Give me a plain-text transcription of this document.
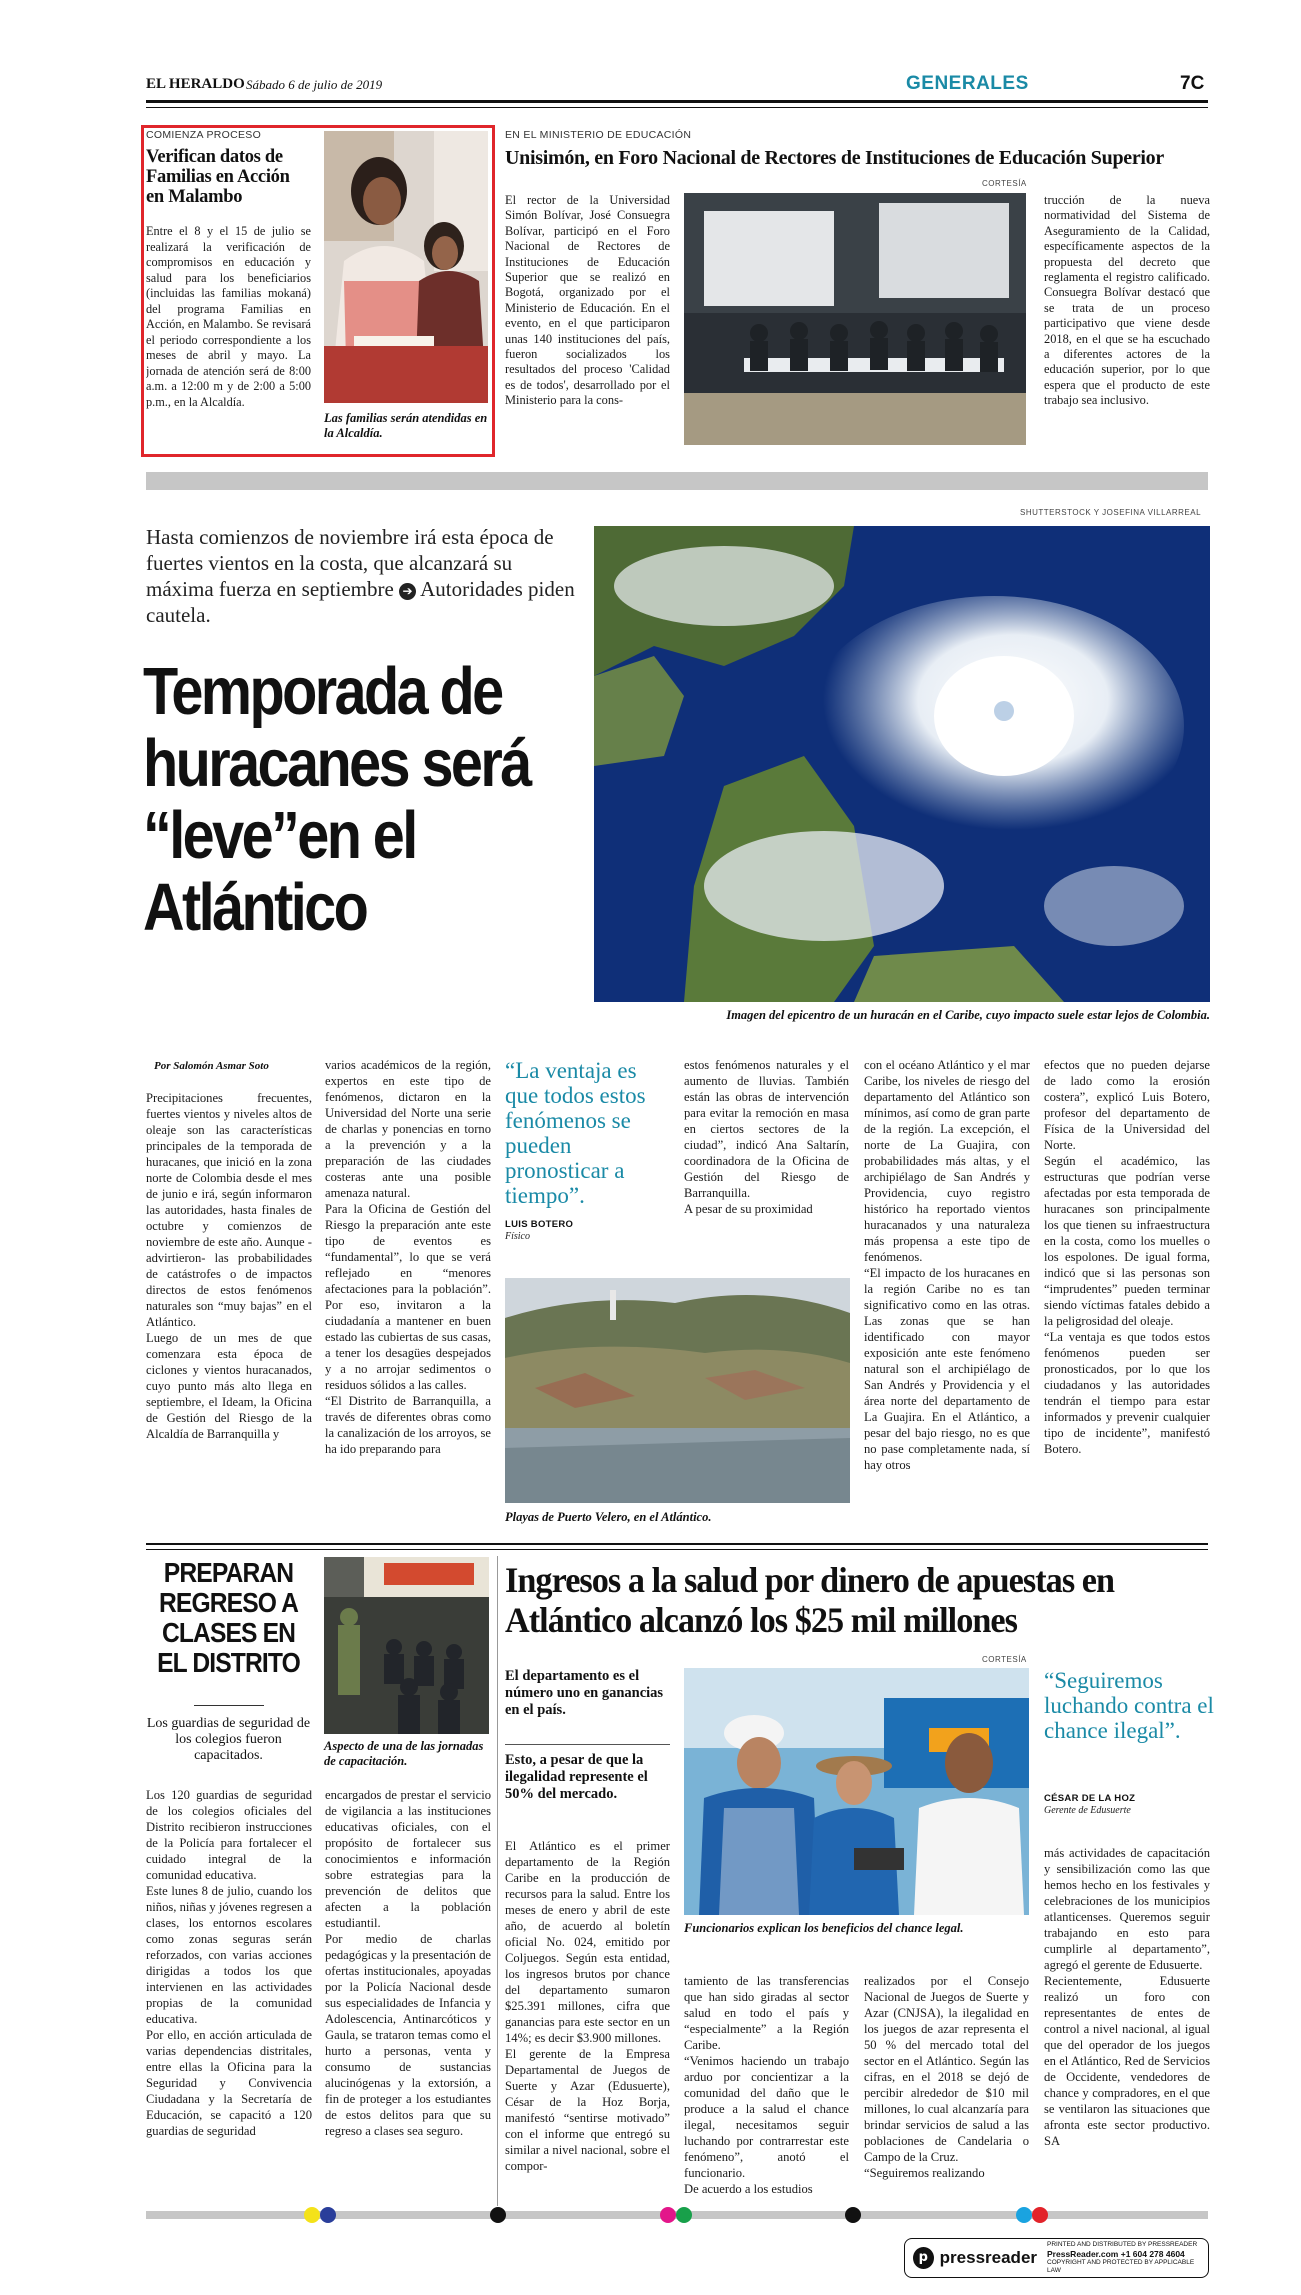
EL HERALDO Sábado 6 de julio de 2019	GENERALES	7C
COMIENZA PROCESO
Verifican datos de Familias en Acción en Malambo
Entre el 8 y el 15 de julio se realizará la verificación de compromisos en educación y salud para los beneficiarios (incluidas las familias mokaná) del programa Familias en Acción, en Malambo. Se revisará el periodo correspondiente a los meses de abril y mayo. La jornada de atención será de 8:00 a.m. a 12:00 m y de 2:00 a 5:00 p.m., en la Alcaldía.
Las familias serán atendidas en la Alcaldía.
EN EL MINISTERIO DE EDUCACIÓN
Unisimón, en Foro Nacional de Rectores de Instituciones de Educación Superior
CORTESÍA
El rector de la Universidad Simón Bolívar, José Consuegra Bolívar, participó en el Foro Nacional de Rectores de Instituciones de Educación Superior que se realizó en Bogotá, organizado por el Ministerio de Educación. En el evento, en el que participaron unas 140 instituciones del país, fueron socializados los resultados del proceso 'Calidad es de todos', desarrollado por el Ministerio para la cons-
trucción de la nueva normatividad del Sistema de Aseguramiento de la Calidad, específicamente aspectos de la propuesta del decreto que reglamenta el registro calificado. Consuegra Bolívar destacó que se trata de un proceso participativo que viene desde 2018, en el que se ha escuchado a diferentes actores de la educación superior, por lo que espera que el producto de este trabajo sea inclusivo.
SHUTTERSTOCK Y JOSEFINA VILLARREAL
Hasta comienzos de noviembre irá esta época de fuertes vientos en la costa, que alcanzará su máxima fuerza en septiembre ➔ Autoridades piden cautela.
Temporada de huracanes será “leve”en el Atlántico
Imagen del epicentro de un huracán en el Caribe, cuyo impacto suele estar lejos de Colombia.
Por Salomón Asmar Soto
Precipitaciones frecuentes, fuertes vientos y niveles altos de oleaje son las características principales de la temporada de huracanes, que inició en la zona norte de Colombia desde el mes de junio e irá, según informaron las autoridades, hasta finales de octubre y comienzos de noviembre de este año. Aunque -advirtieron- las probabilidades de catástrofes o de impactos directos de estos fenómenos naturales son “muy bajas” en el Atlántico.
Luego de un mes de que comenzara esta época de ciclones y vientos huracanados, cuyo punto más alto llega en septiembre, el Ideam, la Oficina de Gestión del Riesgo de la Alcaldía de Barranquilla y
varios académicos de la región, expertos en este tipo de fenómenos, dictaron en la Universidad del Norte una serie de charlas y ponencias en torno a la prevención y a la preparación de las ciudades costeras ante una posible amenaza natural.
Para la Oficina de Gestión del Riesgo la preparación ante este tipo de eventos es “fundamental”, lo que se verá reflejado en “menores afectaciones para la población”. Por eso, invitaron a la ciudadanía a mantener en buen estado las cubiertas de sus casas, a tener los desagües despejados y a no arrojar sedimentos o residuos sólidos a las calles.
“El Distrito de Barranquilla, a través de diferentes obras como la canalización de los arroyos, se ha ido preparando para
“La ventaja es que todos estos fenómenos se pueden pronosticar a tiempo”.
LUIS BOTERO
Físico
estos fenómenos naturales y el aumento de lluvias. También están las obras de intervención para evitar la remoción en masa en ciertos sectores de la ciudad”, indicó Ana Saltarín, coordinadora de la Oficina de Gestión del Riesgo de Barranquilla.
A pesar de su proximidad
Playas de Puerto Velero, en el Atlántico.
con el océano Atlántico y el mar Caribe, los niveles de riesgo del departamento del Atlántico son mínimos, así como de gran parte de la región. La excepción, el norte de La Guajira, con probabilidades más altas, y el archipiélago de San Andrés y Providencia, cuyo registro histórico ha reportado vientos huracanados y una naturaleza más propensa a este tipo de fenómenos.
“El impacto de los huracanes en la región Caribe no es tan significativo como en las otras. Las zonas que se han identificado con mayor exposición ante este fenómeno natural son el archipiélago de San Andrés y Providencia y el área norte del departamento de La Guajira. En el Atlántico, a pesar del bajo riesgo, no es que no pase completamente nada, sí hay otros
efectos que no pueden dejarse de lado como la erosión costera”, explicó Luis Botero, profesor del departamento de Física de la Universidad del Norte.
Según el académico, las estructuras que podrían verse afectadas por esta temporada de huracanes son principalmente los que tienen su infraestructura en la costa, como los muelles o los espolones. De igual forma, indicó que si las personas son “imprudentes” pueden terminar siendo víctimas fatales debido a la peligrosidad del oleaje.
“La ventaja es que todos estos fenómenos pueden ser pronosticados, por lo que los ciudadanos y las autoridades tendrán el tiempo para estar informados y prevenir cualquier tipo de incidente”, manifestó Botero.
PREPARAN REGRESO A CLASES EN EL DISTRITO
Los guardias de seguridad de los colegios fueron capacitados.
Aspecto de una de las jornadas de capacitación.
Los 120 guardias de seguridad de los colegios oficiales del Distrito recibieron instrucciones de la Policía para fortalecer el cuidado integral de la comunidad educativa.
Este lunes 8 de julio, cuando los niños, niñas y jóvenes regresen a clases, los entornos escolares como zonas seguras serán reforzados, con varias acciones dirigidas a todos los que intervienen en las actividades propias de la comunidad educativa.
Por ello, en acción articulada de varias dependencias distritales, entre ellas la Oficina para la Seguridad y Convivencia Ciudadana y la Secretaría de Educación, se capacitó a 120 guardias de seguridad
encargados de prestar el servicio de vigilancia a las instituciones educativas oficiales, con el propósito de fortalecer sus conocimientos e información sobre estrategias para la prevención de delitos que afecten a la población estudiantil.
Por medio de charlas pedagógicas y la presentación de ofertas institucionales, apoyadas por la Policía Nacional desde sus especialidades de Infancia y Adolescencia, Antinarcóticos y Gaula, se trataron temas como el hurto a personas, venta y consumo de sustancias alucinógenas y la extorsión, a fin de proteger a los estudiantes de estos delitos para que su regreso a clases sea seguro.
Ingresos a la salud por dinero de apuestas en Atlántico alcanzó los $25 mil millones
CORTESÍA
El departamento es el número uno en ganancias en el país.
Esto, a pesar de que la ilegalidad represente el 50% del mercado.
El Atlántico es el primer departamento de la Región Caribe en la producción de recursos para la salud. Entre los meses de enero y abril de este año, de acuerdo al boletín oficial No. 024, emitido por Coljuegos. Según esta entidad, los ingresos brutos por chance del departamento sumaron $25.391 millones, cifra que ganancias para este sector en un 14%; es decir $3.900 millones.
El gerente de la Empresa Departamental de Juegos de Suerte y Azar (Edusuerte), César de la Hoz Borja, manifestó “sentirse motivado” con el informe que entregó su similar a nivel nacional, sobre el compor-
Funcionarios explican los beneficios del chance legal.
“Seguiremos luchando contra el chance ilegal”.
CÉSAR DE LA HOZ
Gerente de Edusuerte
tamiento de las transferencias que han sido giradas al sector salud en todo el país y “especialmente” a la Región Caribe.
“Venimos haciendo un trabajo arduo por concientizar a la comunidad del daño que le produce a la salud el chance ilegal, necesitamos seguir luchando por contrarrestar este fenómeno”, anotó el funcionario.
De acuerdo a los estudios
realizados por el Consejo Nacional de Juegos de Suerte y Azar (CNJSA), la ilegalidad en los juegos de azar representa el 50 % del mercado total del sector en el Atlántico. Según las cifras, en el 2018 se dejó de percibir alrededor de $10 mil millones, lo cual alcanzaría para brindar servicios de salud a las poblaciones de Candelaria o Campo de la Cruz.
“Seguiremos realizando
más actividades de capacitación y sensibilización como las que hemos hecho en los festivales y celebraciones de los municipios atlanticenses. Queremos seguir trabajando en esto para cumplirle al departamento”, agregó el gerente de Edusuerte.
Recientemente, Edusuerte realizó un foro con representantes de entes de control a nivel nacional, al igual que del operador de los juegos en el Atlántico, Red de Servicios de Occidente, vendedores de chance y compradores, en el que se ventilaron las situaciones que afronta este sector productivo. SA
p pressreader
PRINTED AND DISTRIBUTED BY PRESSREADER
PressReader.com +1 604 278 4604
COPYRIGHT AND PROTECTED BY APPLICABLE LAW
